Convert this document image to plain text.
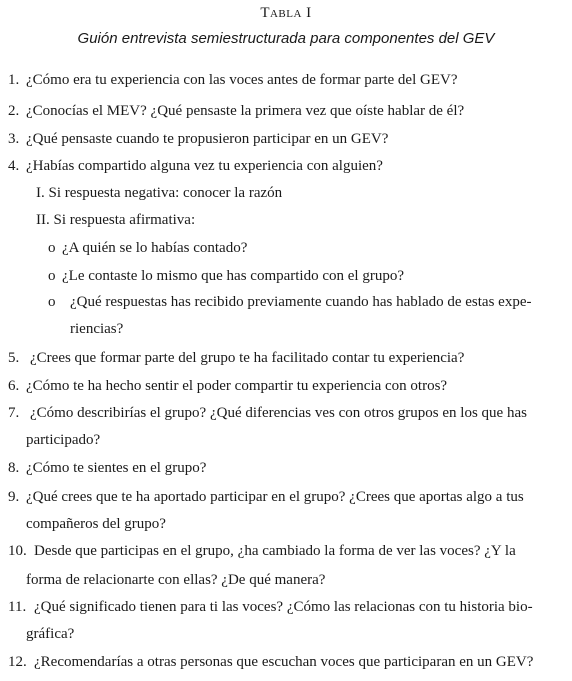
Tabla I
Guión entrevista semiestructurada para componentes del GEV
1. ¿Cómo era tu experiencia con las voces antes de formar parte del GEV?
2. ¿Conocías el MEV? ¿Qué pensaste la primera vez que oíste hablar de él?
3. ¿Qué pensaste cuando te propusieron participar en un GEV?
4. ¿Habías compartido alguna vez tu experiencia con alguien?
I. Si respuesta negativa: conocer la razón
II. Si respuesta afirmativa:
o ¿A quién se lo habías contado?
o ¿Le contaste lo mismo que has compartido con el grupo?
o ¿Qué respuestas has recibido previamente cuando has hablado de estas expe-
riencias?
5. ¿Crees que formar parte del grupo te ha facilitado contar tu experiencia?
6. ¿Cómo te ha hecho sentir el poder compartir tu experiencia con otros?
7. ¿Cómo describirías el grupo? ¿Qué diferencias ves con otros grupos en los que has
participado?
8. ¿Cómo te sientes en el grupo?
9. ¿Qué crees que te ha aportado participar en el grupo? ¿Crees que aportas algo a tus
compañeros del grupo?
10. Desde que participas en el grupo, ¿ha cambiado la forma de ver las voces? ¿Y la
forma de relacionarte con ellas? ¿De qué manera?
11. ¿Qué significado tienen para ti las voces? ¿Cómo las relacionas con tu historia bio-
gráfica?
12. ¿Recomendarías a otras personas que escuchan voces que participaran en un GEV?
